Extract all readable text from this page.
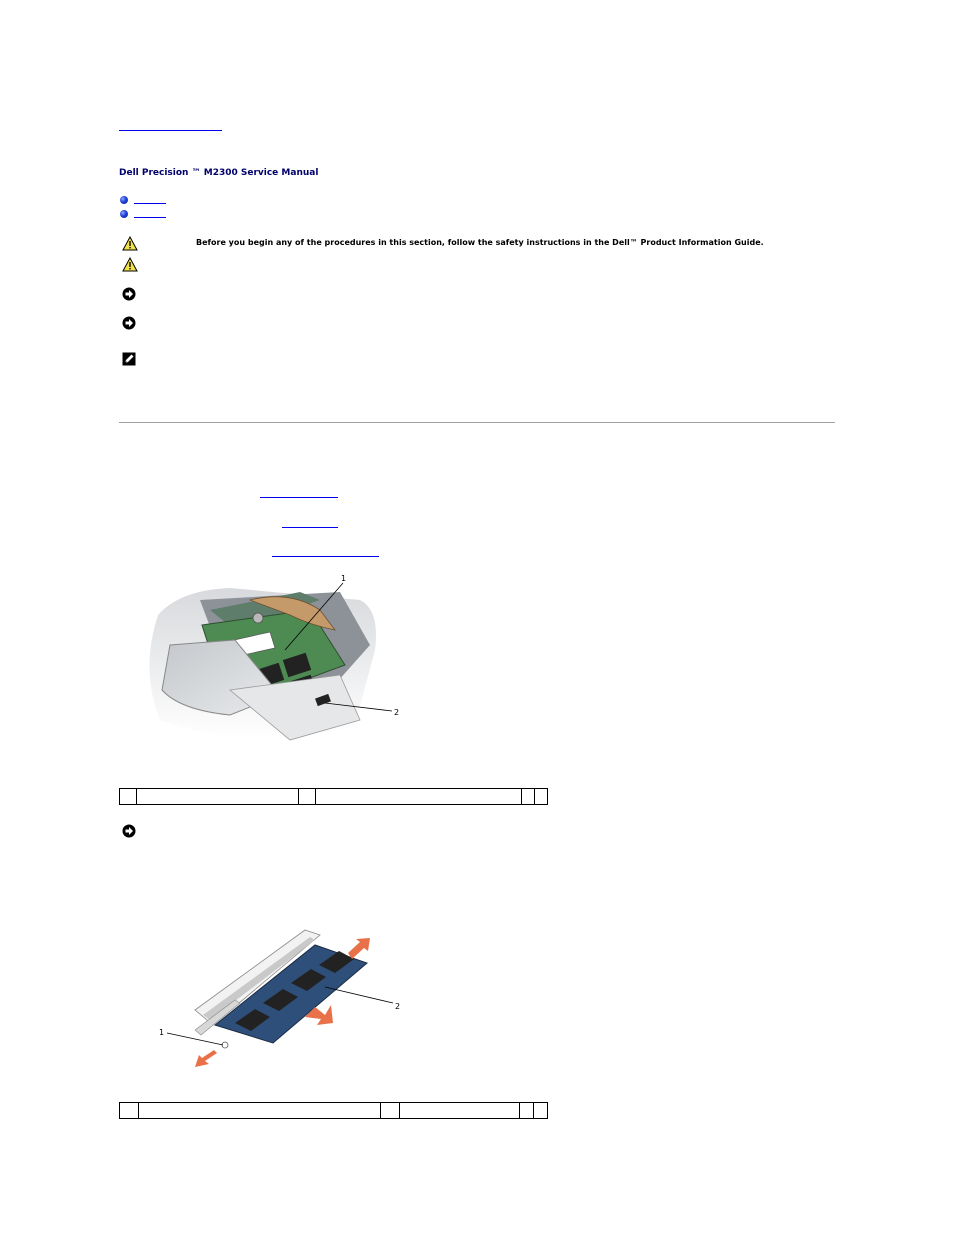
Dell Precision ™ M2300 Service Manual
Before you begin any of the procedures in this section, follow the safety instructions in the Dell™ Product Information Guide.
1
2

1
2
